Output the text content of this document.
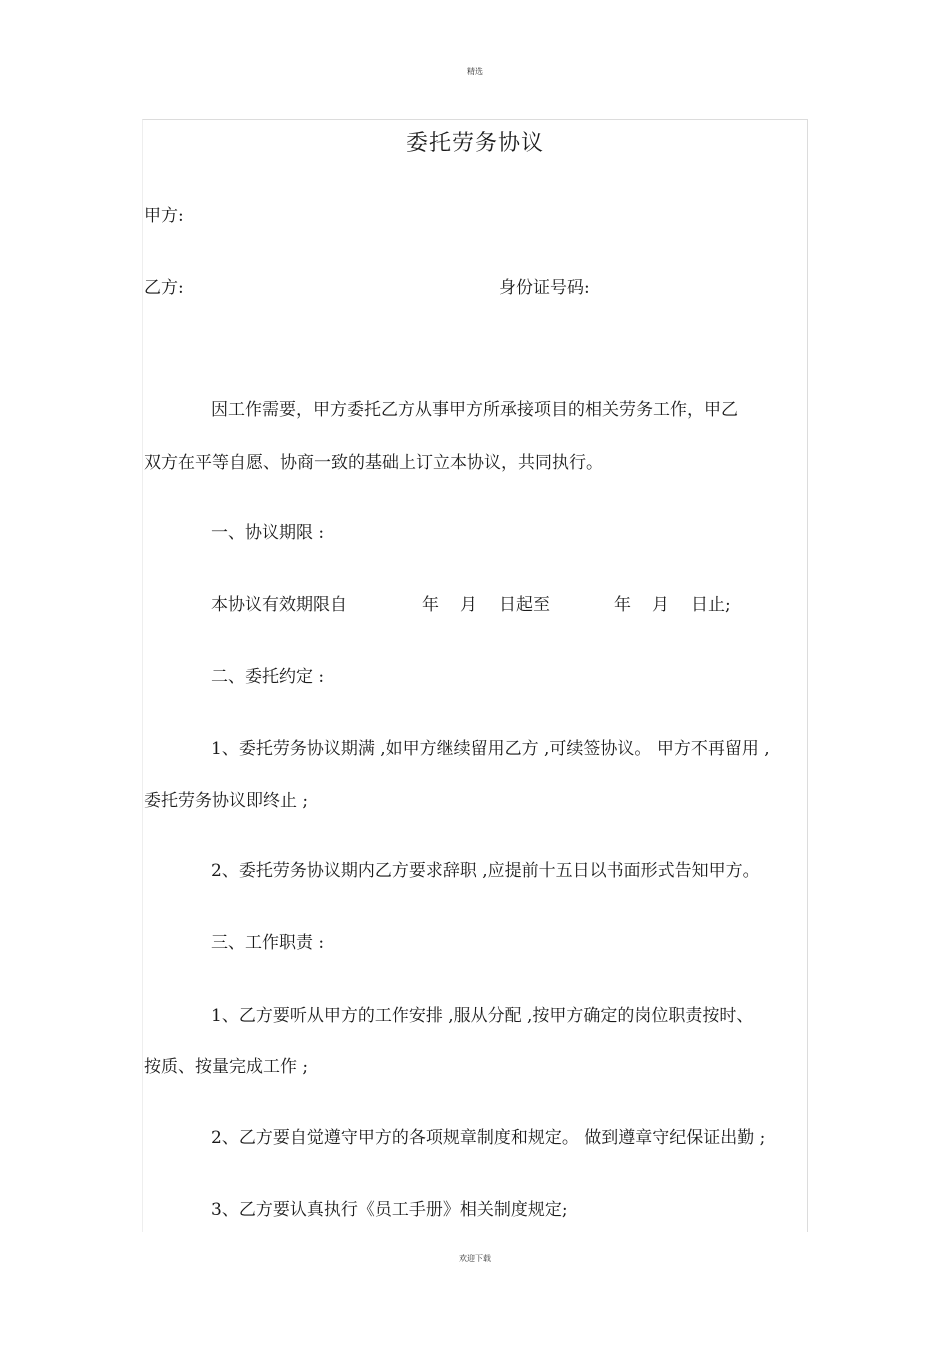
精选
委托劳务协议
甲方:
乙方:	身份证号码:
因工作需要，甲方委托乙方从事甲方所承接项目的相关劳务工作，甲乙
双方在平等自愿、协商一致的基础上订立本协议，共同执行。
一、协议期限 :
本协议有效期限自	年 月 日起至	年 月 日止;
二、委托约定 :
1、委托劳务协议期满 ,如甲方继续留用乙方 ,可续签协议。 甲方不再留用 ,
委托劳务协议即终止 ;
2、委托劳务协议期内乙方要求辞职 ,应提前十五日以书面形式告知甲方。
三、工作职责 :
1、乙方要听从甲方的工作安排 ,服从分配 ,按甲方确定的岗位职责按时、
按质、按量完成工作 ;
2、乙方要自觉遵守甲方的各项规章制度和规定。 做到遵章守纪保证出勤 ;
3、乙方要认真执行《员工手册》相关制度规定;
欢迎下载
